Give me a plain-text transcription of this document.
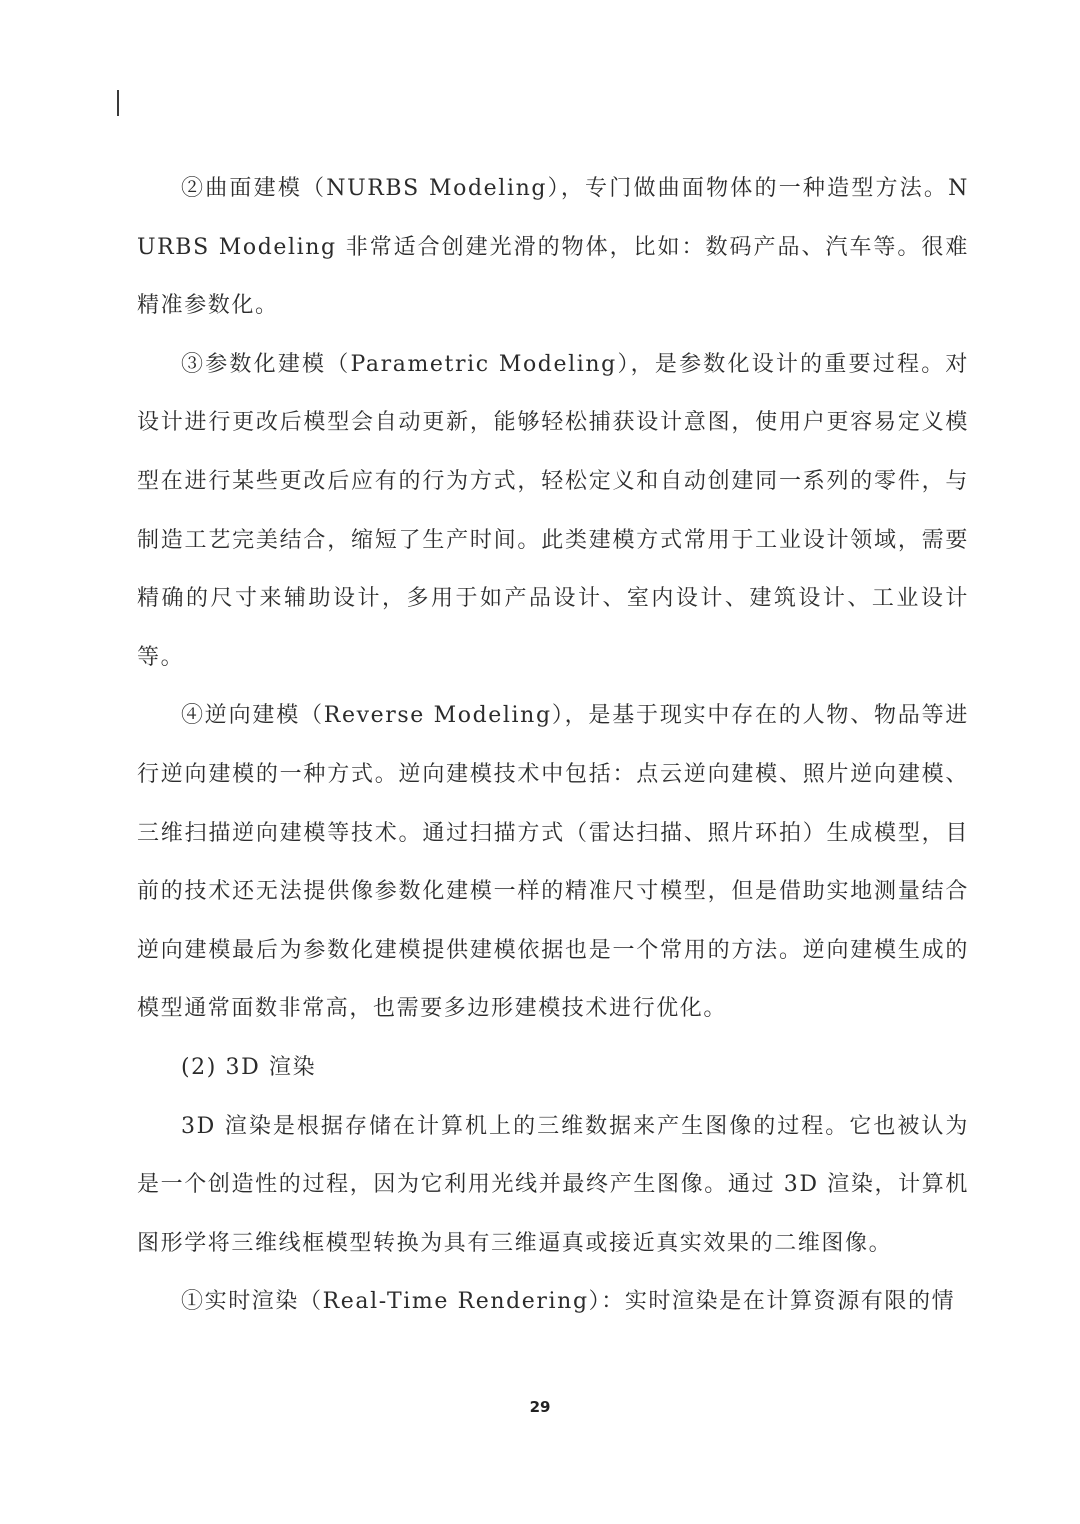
②曲面建模（NURBS Modeling），专门做曲面物体的一种造型方法。NURBS Modeling 非常适合创建光滑的物体，比如：数码产品、汽车等。很难精准参数化。

③参数化建模（Parametric Modeling），是参数化设计的重要过程。对设计进行更改后模型会自动更新，能够轻松捕获设计意图，使用户更容易定义模型在进行某些更改后应有的行为方式，轻松定义和自动创建同一系列的零件，与制造工艺完美结合，缩短了生产时间。此类建模方式常用于工业设计领域，需要精确的尺寸来辅助设计，多用于如产品设计、室内设计、建筑设计、工业设计等。

④逆向建模（Reverse Modeling），是基于现实中存在的人物、物品等进行逆向建模的一种方式。逆向建模技术中包括：点云逆向建模、照片逆向建模、三维扫描逆向建模等技术。通过扫描方式（雷达扫描、照片环拍）生成模型，目前的技术还无法提供像参数化建模一样的精准尺寸模型，但是借助实地测量结合逆向建模最后为参数化建模提供建模依据也是一个常用的方法。逆向建模生成的模型通常面数非常高，也需要多边形建模技术进行优化。

(2) 3D 渲染

3D 渲染是根据存储在计算机上的三维数据来产生图像的过程。它也被认为是一个创造性的过程，因为它利用光线并最终产生图像。通过 3D 渲染，计算机图形学将三维线框模型转换为具有三维逼真或接近真实效果的二维图像。

①实时渲染（Real-Time Rendering）：实时渲染是在计算资源有限的情

29
